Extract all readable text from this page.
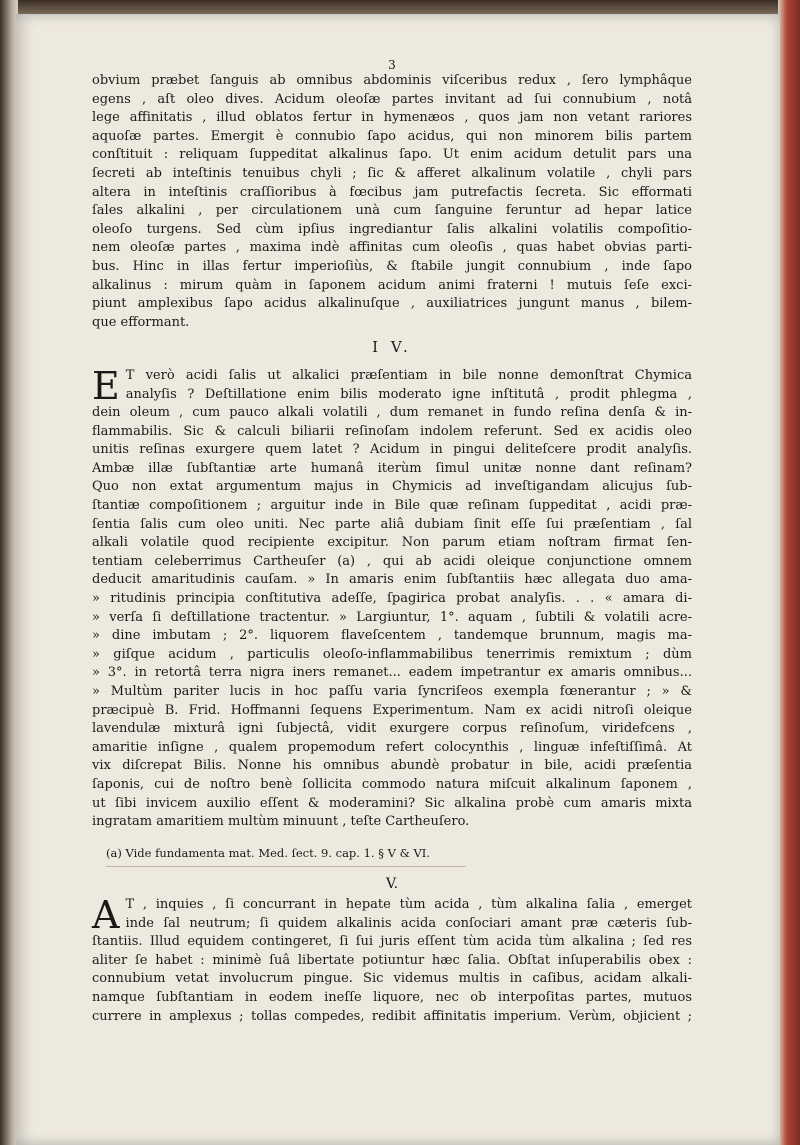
3
obvium præbet ſanguis ab omnibus abdominis viſceribus redux , ſero lymphâque
egens , aſt oleo dives. Acidum oleoſæ partes invitant ad ſui connubium , notâ
lege affinitatis , illud oblatos fertur in hymenæos , quos jam non vetant rariores
aquoſæ partes. Emergit è connubio ſapo acidus, qui non minorem bilis partem
conſtituit : reliquam ſuppeditat alkalinus ſapo. Ut enim acidum detulit pars una
ſecreti ab inteſtinis tenuibus chyli ; ſic & afferet alkalinum volatile , chyli pars
altera in inteſtinis craſſioribus à fœcibus jam putrefactis ſecreta. Sic efformati
ſales alkalini , per circulationem unà cum ſanguine feruntur ad hepar latice
oleoſo turgens. Sed cùm ipſius ingrediantur ſalis alkalini volatilis compoſitio-
nem oleoſæ partes , maxima indè affinitas cum oleoſis , quas habet obvias parti-
bus. Hinc in illas fertur imperioſiùs, & ſtabile jungit connubium , inde ſapo
alkalinus : mirum quàm in ſaponem acidum animi fraterni ! mutuis ſeſe exci-
piunt amplexibus ſapo acidus alkalinuſque , auxiliatrices jungunt manus , bilem-
que efformant.
I V.
E T verò acidi ſalis ut alkalici præſentiam in bile nonne demonſtrat Chymica
analyſis ? Deſtillatione enim bilis moderato igne inſtitutâ , prodit phlegma ,
dein oleum , cum pauco alkali volatili , dum remanet in fundo reſina denſa & in-
flammabilis. Sic & calculi biliarii reſinoſam indolem referunt. Sed ex acidis oleo
unitis reſinas exurgere quem latet ? Acidum in pingui deliteſcere prodit analyſis.
Ambæ illæ ſubſtantiæ arte humanâ iterùm ſimul unitæ nonne dant reſinam?
Quo non extat argumentum majus in Chymicis ad inveſtigandam alicujus ſub-
ſtantiæ compoſitionem ; arguitur inde in Bile quæ reſinam ſuppeditat , acidi præ-
ſentia ſalis cum oleo uniti. Nec parte aliâ dubiam ſinit eſſe ſui præſentiam , ſal
alkali volatile quod recipiente excipitur. Non parum etiam noſtram firmat ſen-
tentiam celeberrimus Cartheuſer (a) , qui ab acidi oleique conjunctione omnem
deducit amaritudinis cauſam. » In amaris enim ſubſtantiis hæc allegata duo ama-
» ritudinis principia conſtitutiva adeſſe, ſpagirica probat analyſis. . . « amara di-
» verſa ſi deſtillatione tractentur. » Largiuntur, 1°. aquam , ſubtili & volatili acre-
» dine imbutam ; 2°. liquorem flaveſcentem , tandemque brunnum, magis ma-
» giſque acidum , particulis oleoſo-inflammabilibus tenerrimis remixtum ; dùm
» 3°. in retortâ terra nigra iners remanet... eadem impetrantur ex amaris omnibus...
» Multùm pariter lucis in hoc paſſu varia ſyncriſeos exempla fœnerantur ; » &
præcipuè B. Frid. Hoffmanni ſequens Experimentum. Nam ex acidi nitroſi oleique
lavendulæ mixturâ igni ſubjectâ, vidit exurgere corpus reſinoſum, viridefcens ,
amaritie inſigne , qualem propemodum refert colocynthis , linguæ infeſtiſſimâ. At
vix diſcrepat Bilis. Nonne his omnibus abundè probatur in bile, acidi præſentia
ſaponis, cui de noſtro benè ſollicita commodo natura miſcuit alkalinum ſaponem ,
ut ſibi invicem auxilio eſſent & moderamini? Sic alkalina probè cum amaris mixta
ingratam amaritiem multùm minuunt , teſte Cartheuſero.
(a) Vide fundamenta mat. Med. ſect. 9. cap. 1. § V & VI.
V.
A T , inquies , ſi concurrant in hepate tùm acida , tùm alkalina ſalia , emerget
inde ſal neutrum; ſi quidem alkalinis acida conſociari amant præ cæteris ſub-
ſtantiis. Illud equidem contingeret, ſi ſui juris eſſent tùm acida tùm alkalina ; ſed res
aliter ſe habet : minimè ſuâ libertate potiuntur hæc ſalia. Obſtat inſuperabilis obex :
connubium vetat involucrum pingue. Sic videmus multis in caſibus, acidam alkali-
namque ſubſtantiam in eodem ineſſe liquore, nec ob interpoſitas partes, mutuos
currere in amplexus ; tollas compedes, redibit affinitatis imperium. Verùm, objicient ;
